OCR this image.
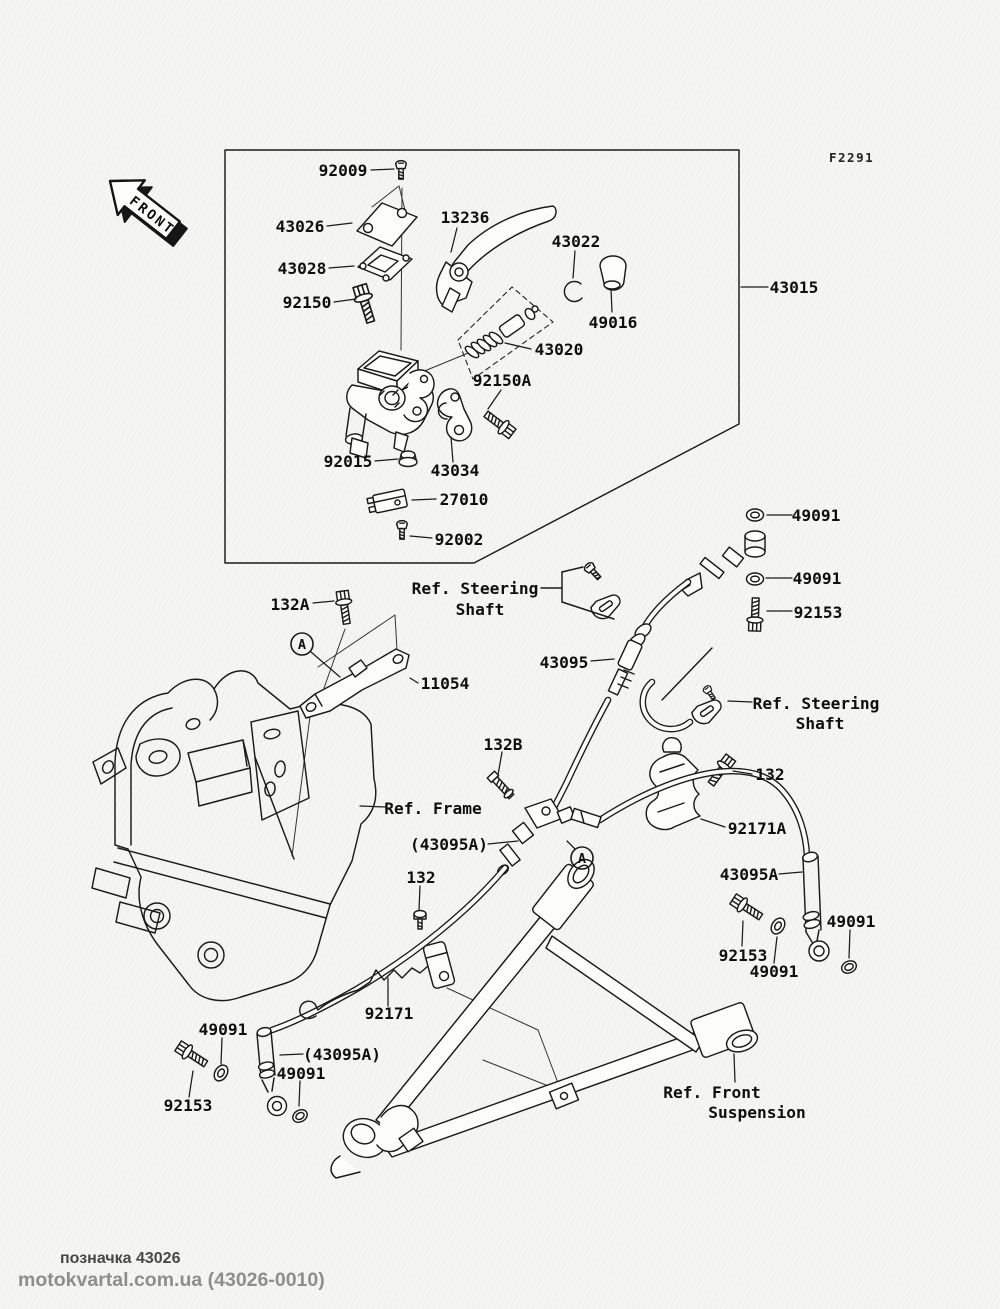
FRONT
F2291
A
A
92009
43026
43028
92150
13236
43022
49016
43020
92150A
92015	43034
27010
92002
43015
49091
49091
92153
Ref. Steering
Shaft
132A
11054
43095
132B
Ref. Steering
Shaft
132
92171A
43095A
49091
92153
49091
Ref. Front
Suspension
92171
49091
(43095A)
49091
92153
132
Ref. Frame
(43095A)
позначка 43026
motokvartal.com.ua (43026-0010)
